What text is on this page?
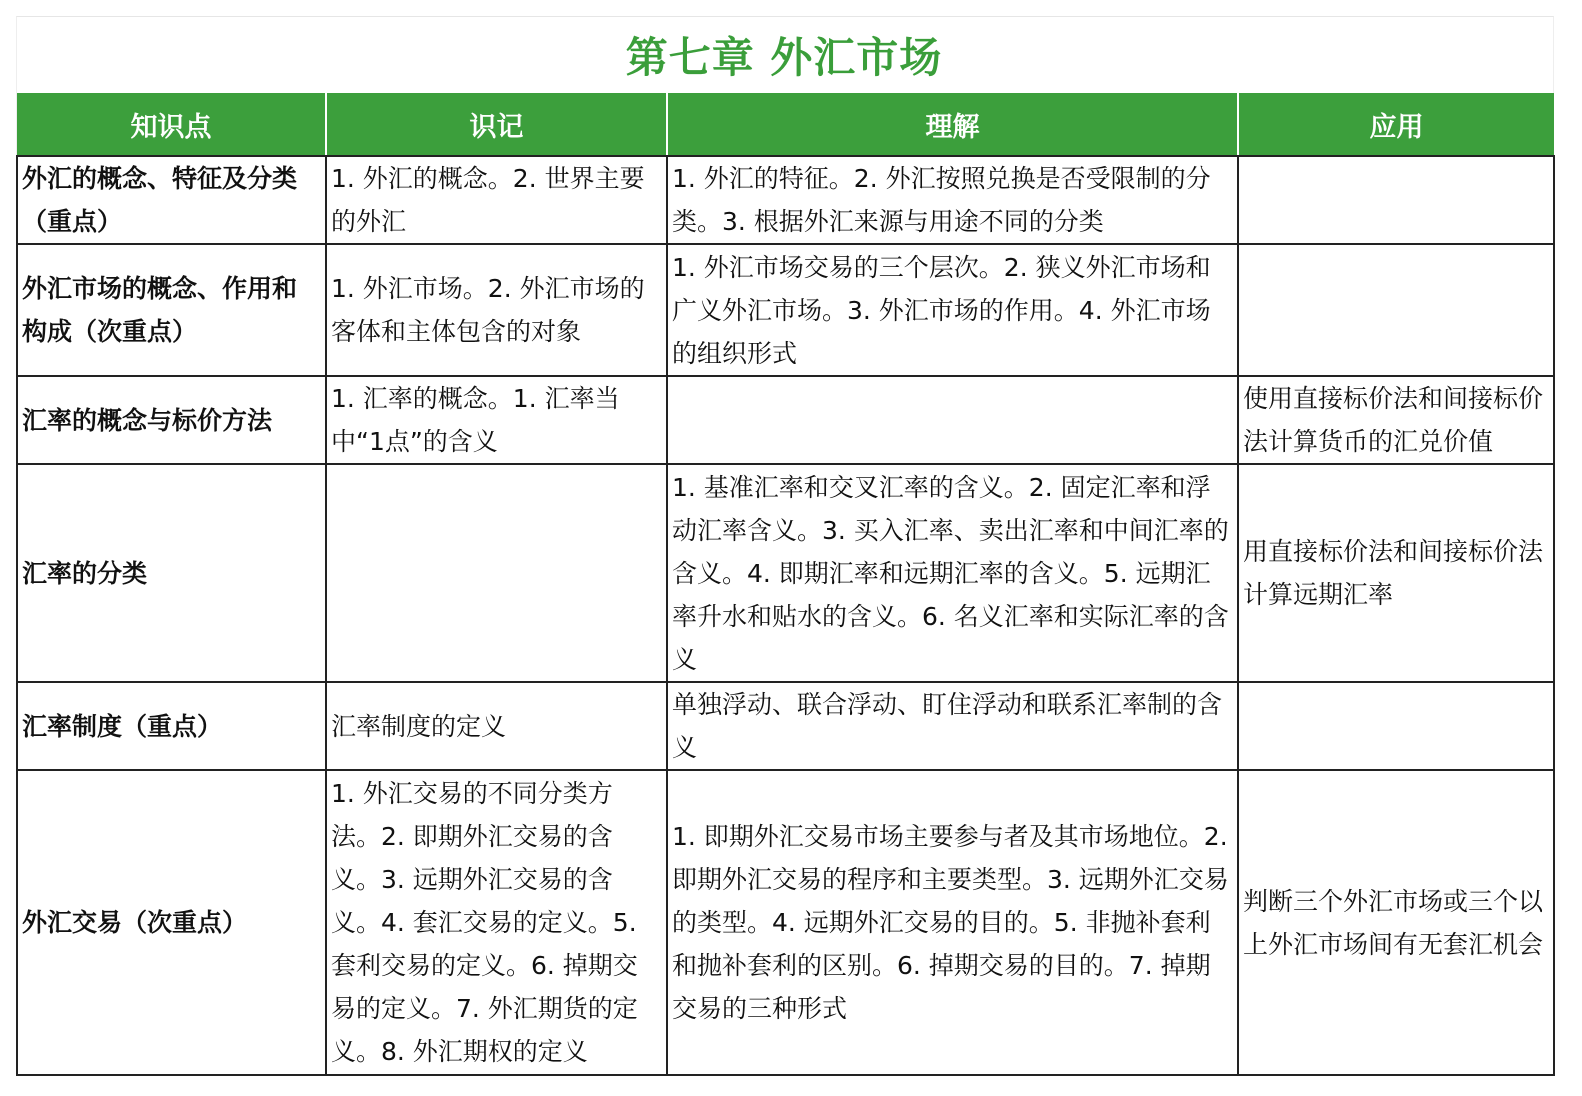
第七章 外汇市场
知识点	识记	理解	应用
外汇的概念、特征及分类（重点）	1. 外汇的概念。2. 世界主要的外汇	1. 外汇的特征。2. 外汇按照兑换是否受限制的分类。3. 根据外汇来源与用途不同的分类	
外汇市场的概念、作用和构成（次重点）	1. 外汇市场。2. 外汇市场的客体和主体包含的对象	1. 外汇市场交易的三个层次。2. 狭义外汇市场和广义外汇市场。3. 外汇市场的作用。4. 外汇市场的组织形式	
汇率的概念与标价方法	1. 汇率的概念。1. 汇率当中“1点”的含义		使用直接标价法和间接标价法计算货币的汇兑价值
汇率的分类		1. 基准汇率和交叉汇率的含义。2. 固定汇率和浮动汇率含义。3. 买入汇率、卖出汇率和中间汇率的含义。4. 即期汇率和远期汇率的含义。5. 远期汇率升水和贴水的含义。6. 名义汇率和实际汇率的含义	用直接标价法和间接标价法计算远期汇率
汇率制度（重点）	汇率制度的定义	单独浮动、联合浮动、盯住浮动和联系汇率制的含义	
外汇交易（次重点）	1. 外汇交易的不同分类方法。2. 即期外汇交易的含义。3. 远期外汇交易的含义。4. 套汇交易的定义。5. 套利交易的定义。6. 掉期交易的定义。7. 外汇期货的定义。8. 外汇期权的定义	1. 即期外汇交易市场主要参与者及其市场地位。2. 即期外汇交易的程序和主要类型。3. 远期外汇交易的类型。4. 远期外汇交易的目的。5. 非抛补套利和抛补套利的区别。6. 掉期交易的目的。7. 掉期交易的三种形式	判断三个外汇市场或三个以上外汇市场间有无套汇机会
